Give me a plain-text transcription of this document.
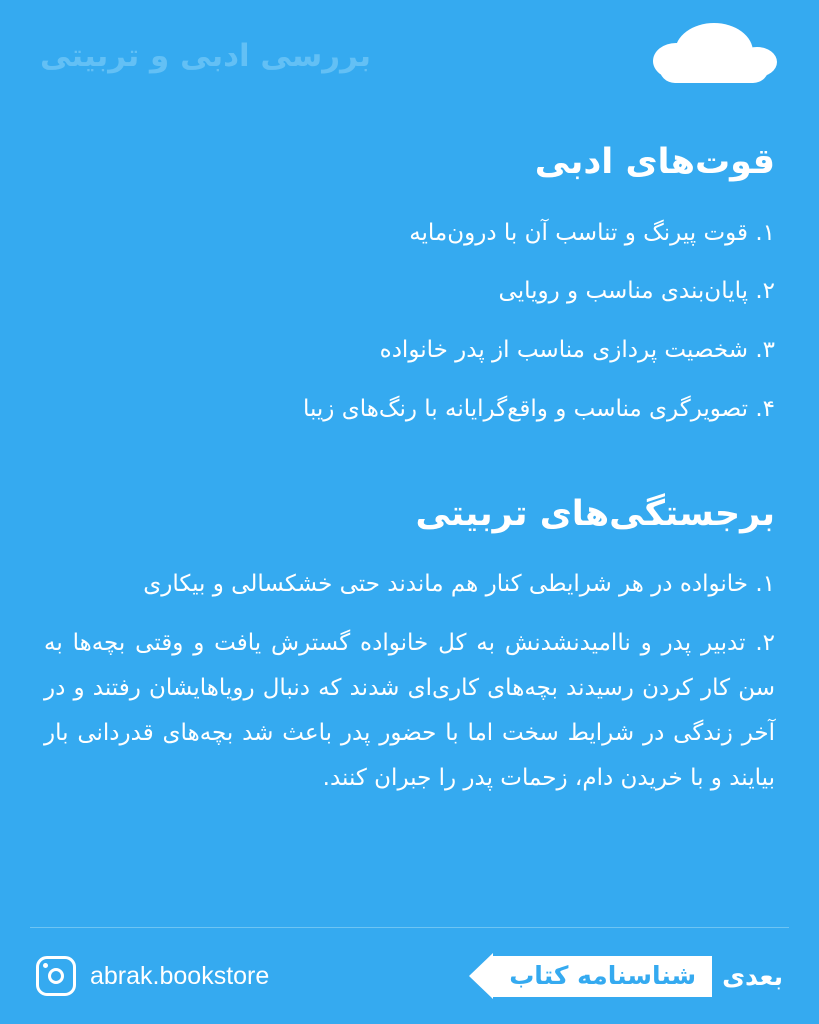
بررسی ادبی و تربیتی
قوت‌های ادبی
۱. قوت پیرنگ و تناسب آن با درون‌مایه
۲. پایان‌بندی مناسب و رویایی
۳. شخصیت پردازی مناسب از پدر خانواده
۴. تصویرگری مناسب و واقع‌گرایانه با رنگ‌های زیبا
برجستگی‌های تربیتی
۱. خانواده در هر شرایطی کنار هم ماندند حتی خشکسالی و بیکاری
۲. تدبیر پدر و ناامیدنشدنش به کل خانواده گسترش یافت و وقتی بچه‌ها به سن کار کردن رسیدند بچه‌های کاری‌ای شدند که دنبال رویاهایشان رفتند و در آخر زندگی در شرایط سخت اما با حضور پدر باعث شد بچه‌های قدردانی بار بیایند و با خریدن دام، زحمات پدر را جبران کنند.
abrak.bookstore	بعدی
شناسنامه کتاب
